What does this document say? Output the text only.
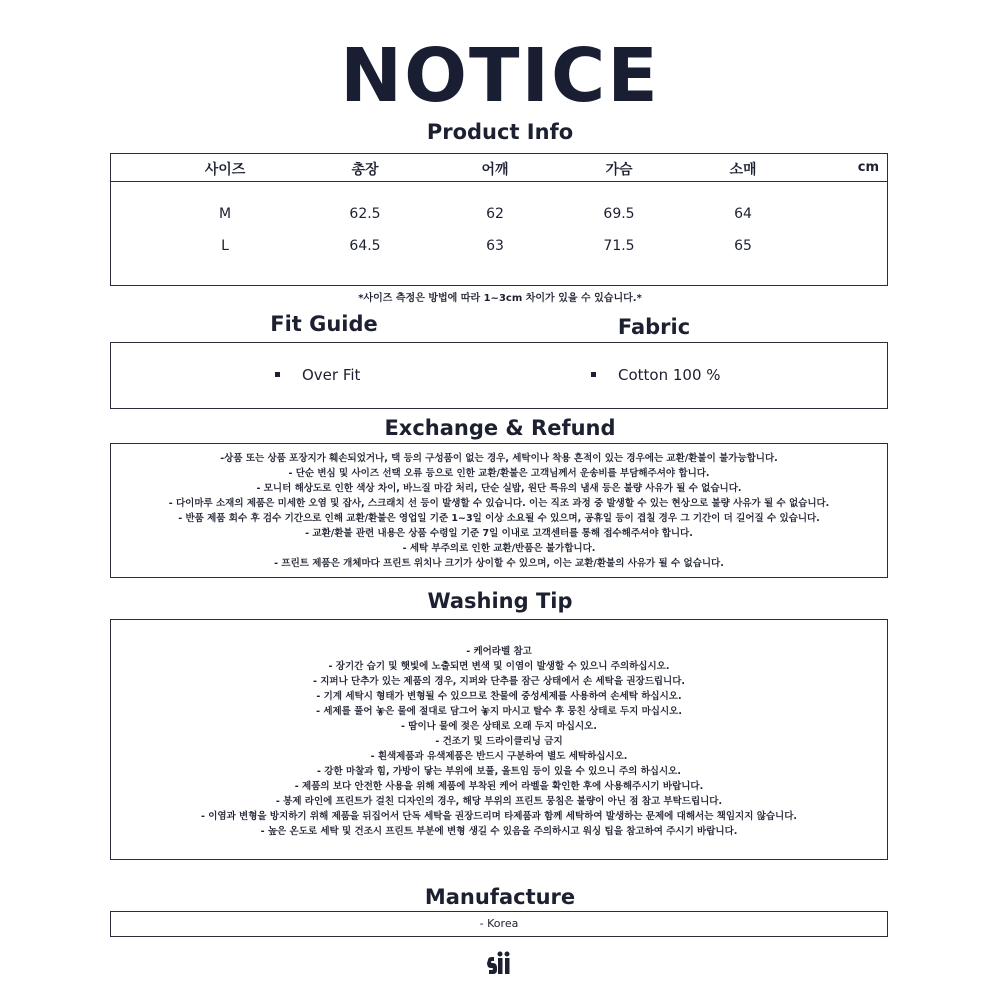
NOTICE
Product Info
사이즈	총장	어깨	가슴	소매	cm
M	62.5	62	69.5	64
L	64.5	63	71.5	65
*사이즈 측정은 방법에 따라 1~3cm 차이가 있을 수 있습니다.*
Fit Guide	Fabric
Over Fit	Cotton 100 %
Exchange & Refund
-상품 또는 상품 포장지가 훼손되었거나, 택 등의 구성품이 없는 경우, 세탁이나 착용 흔적이 있는 경우에는 교환/환불이 불가능합니다.
- 단순 변심 및 사이즈 선택 오류 등으로 인한 교환/환불은 고객님께서 운송비를 부담해주셔야 합니다.
- 모니터 해상도로 인한 색상 차이, 바느질 마감 처리, 단순 실밥, 원단 특유의 냄새 등은 불량 사유가 될 수 없습니다.
- 다이마루 소재의 제품은 미세한 오염 및 잡사, 스크래치 선 등이 발생할 수 있습니다. 이는 직조 과정 중 발생할 수 있는 현상으로 불량 사유가 될 수 없습니다.
- 반품 제품 회수 후 검수 기간으로 인해 교환/환불은 영업일 기준 1~3일 이상 소요될 수 있으며, 공휴일 등이 겹칠 경우 그 기간이 더 길어질 수 있습니다.
- 교환/환불 관련 내용은 상품 수령일 기준 7일 이내로 고객센터를 통해 접수해주셔야 합니다.
- 세탁 부주의로 인한 교환/반품은 불가합니다.
- 프린트 제품은 개체마다 프린트 위치나 크기가 상이할 수 있으며, 이는 교환/환불의 사유가 될 수 없습니다.
Washing Tip
- 케어라벨 참고
- 장기간 습기 및 햇빛에 노출되면 변색 및 이염이 발생할 수 있으니 주의하십시오.
- 지퍼나 단추가 있는 제품의 경우, 지퍼와 단추를 잠근 상태에서 손 세탁을 권장드립니다.
- 기계 세탁시 형태가 변형될 수 있으므로 찬물에 중성세제를 사용하여 손세탁 하십시오.
- 세제를 풀어 놓은 물에 절대로 담그어 놓지 마시고 탈수 후 뭉친 상태로 두지 마십시오.
- 땀이나 물에 젖은 상태로 오래 두지 마십시오.
- 건조기 및 드라이클리닝 금지
- 흰색제품과 유색제품은 반드시 구분하여 별도 세탁하십시오.
- 강한 마찰과 힘, 가방이 닿는 부위에 보풀, 올트임 등이 있을 수 있으니 주의 하십시오.
- 제품의 보다 안전한 사용을 위해 제품에 부착된 케어 라벨을 확인한 후에 사용해주시기 바랍니다.
- 봉제 라인에 프린트가 걸친 디자인의 경우, 해당 부위의 프린트 뭉침은 불량이 아닌 점 참고 부탁드립니다.
- 이염과 변형을 방지하기 위해 제품을 뒤집어서 단독 세탁을 권장드리며 타제품과 함께 세탁하여 발생하는 문제에 대해서는 책임지지 않습니다.
- 높은 온도로 세탁 및 건조시 프린트 부분에 변형 생길 수 있음을 주의하시고 워싱 팁을 참고하여 주시기 바랍니다.
Manufacture
- Korea
